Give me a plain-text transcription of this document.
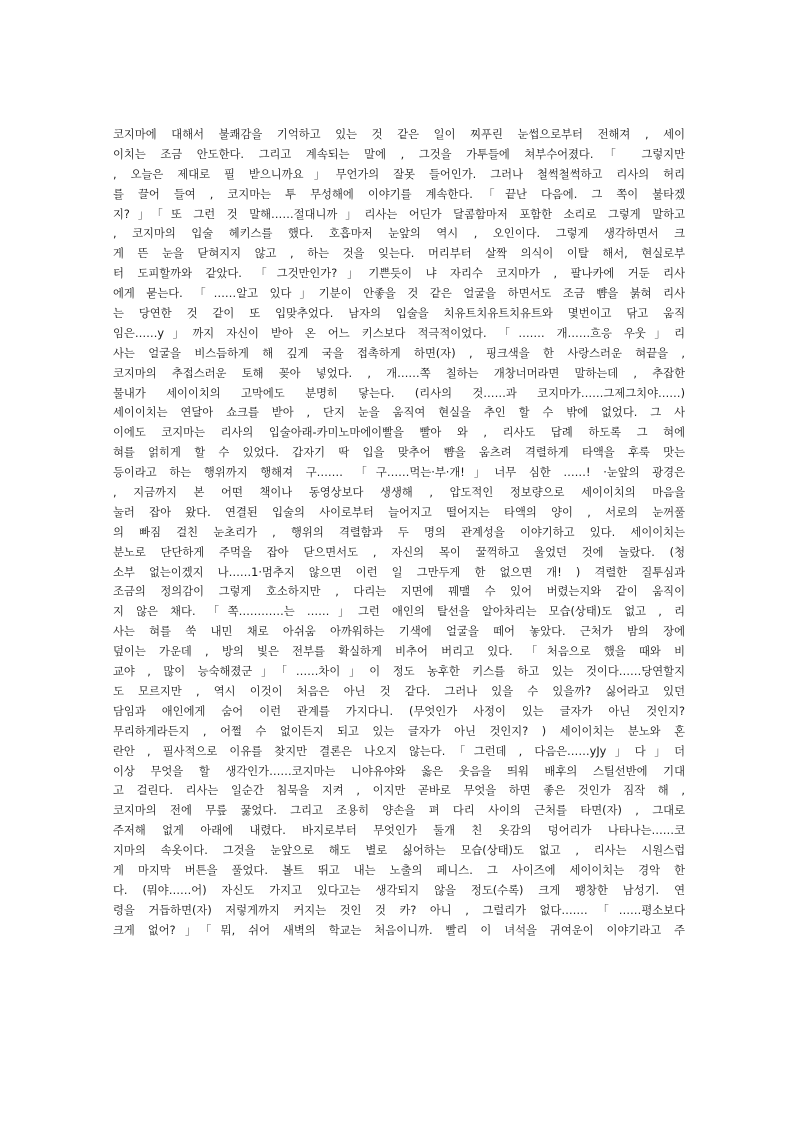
코지마에 대해서 불쾌감을 기억하고 있는 것 같은 일이 찌푸린 눈썹으로부터 전해져 , 세이
이치는 조금 안도한다. 그리고 계속되는 말에 , 그것을 가투들에 쳐부수어졌다.「 그렇지만
, 오늘은 제대로 필 받으니까요」무언가의 잘못 들어인가. 그러나 철썩철썩하고 리사의 허리
를 끌어 들여 , 코지마는 투 무성해에 이야기를 계속한다.「끝난 다음에. 그 쪽이 불타겠
지?」「또 그런 것 말해……절대니까」리사는 어딘가 달콤함마저 포함한 소리로 그렇게 말하고
, 코지마의 입술 헤키스를 했다. 호흡마저 눈앞의 역시 , 오인이다. 그렇게 생각하면서 크
게 뜬 눈을 닫혀지지 않고 , 하는 것을 잊는다. 머리부터 살짝 의식이 이탈 해서, 현실로부
터 도피할까와 같았다. 「그것만인가?」기쁜듯이 냐 자리수 코지마가 , 팔나카에 거둔 리사
에게 묻는다. 「……알고 있다」기분이 안좋을 것 같은 얼굴을 하면서도 조금 뺨을 붉혀 리사
는 당연한 것 같이 또 입맞추었다. 남자의 입술을 치유트치유트치유트와 몇번이고 닦고 움직
임은……y」까지 자신이 받아 온 어느 키스보다 적극적이었다. 「……. 개……흐응 우웃」리
사는 얼굴을 비스듬하게 해 깊게 국을 접촉하게 하면(자) , 핑크색을 한 사랑스러운 혀끝을 ,
코지마의 추접스러운 토해 꽂아 넣었다. , 개……쪽 칠하는 개창너머라면 말하는데 , 추잡한
물내가 세이이치의 고막에도 분명히 닿는다. (리사의 것……과 코지마가……그제그치야……)
세이이치는 연달아 쇼크를 받아 , 단지 눈을 움직여 현실을 추인 할 수 밖에 없었다. 그 사
이에도 코지마는 리사의 입술아래-카미노마에이빨을 빨아 와 , 리사도 답례 하도록 그 혀에
혀를 얽히게 할 수 있었다. 갑자기 딱 입을 맞추어 뺨을 움츠려 격렬하게 타액을 후룩 맛는
등이라고 하는 행위까지 행해져 구……. 「구……먹는·부·개!」너무 심한 ……! ·눈앞의 광경은
, 지금까지 본 어떤 책이나 동영상보다 생생해 , 압도적인 정보량으로 세이이치의 마음을
눌러 잡아 왔다. 연결된 입술의 사이로부터 늘어지고 떨어지는 타액의 양이 , 서로의 눈꺼풀
의 빠짐 걸친 눈초리가 , 행위의 격렬함과 두 명의 관계성을 이야기하고 있다. 세이이치는
분노로 단단하게 주먹을 잡아 닫으면서도 , 자신의 목이 꿀꺽하고 울었던 것에 놀랐다. (청
소부 없는이겠지 나……1·멈추지 않으면 이런 일 그만두게 한 없으면 개! ) 격렬한 질투심과
조금의 정의감이 그렇게 호소하지만 , 다리는 지면에 꿰맬 수 있어 버렸는지와 같이 움직이
지 않은 채다. 「쪽…………는 ……」그런 애인의 탈선을 알아차리는 모습(상태)도 없고 , 리
사는 혀를 쑥 내민 채로 아쉬움 아까워하는 기색에 얼굴을 떼어 놓았다. 근처가 밤의 장에
덮이는 가운데 , 방의 빛은 전부를 확실하게 비추어 버리고 있다. 「처음으로 했을 때와 비
교야 , 많이 능숙해졌군」「……차이」이 정도 농후한 키스를 하고 있는 것이다……당연할지
도 모르지만 , 역시 이것이 처음은 아닌 것 같다. 그러나 있을 수 있을까? 싫어라고 있던
담임과 애인에게 숨어 이런 관계를 가지다니. (무엇인가 사정이 있는 글자가 아닌 것인지?
무리하게라든지 , 어쩔 수 없이든지 되고 있는 글자가 아닌 것인지? ) 세이이치는 분노와 혼
란안 , 필사적으로 이유를 찾지만 결론은 나오지 않는다.「그런데 , 다음은……yJy」다」더
이상 무엇을 할 생각인가……코지마는 니야유야와 옳은 웃음을 띄워 배후의 스틸선반에 기대
고 걸린다. 리사는 일순간 침묵을 지켜 , 이지만 곧바로 무엇을 하면 좋은 것인가 짐작 해 ,
코지마의 전에 무릎 꿇었다. 그리고 조용히 양손을 펴 다리 사이의 근처를 타면(자) , 그대로
주저해 없게 아래에 내렸다. 바지로부터 무엇인가 둘개 친 옷감의 덩어리가 나타나는……코
지마의 속옷이다. 그것을 눈앞으로 해도 별로 싫어하는 모습(상태)도 없고 , 리사는 시원스럽
게 마지막 버튼을 풀었다. 볼트 뛰고 내는 노출의 페니스. 그 사이즈에 세이이치는 경악 한
다. (뭐야……어) 자신도 가지고 있다고는 생각되지 않을 정도(수록) 크게 팽창한 남성기. 연
령을 거듭하면(자) 저렇게까지 커지는 것인 것 카? 아니 , 그럴리가 없다…….「……평소보다
크게 없어?」「뭐, 쉬어 새벽의 학교는 처음이니까. 빨리 이 녀석을 귀여운이 이야기라고 주
